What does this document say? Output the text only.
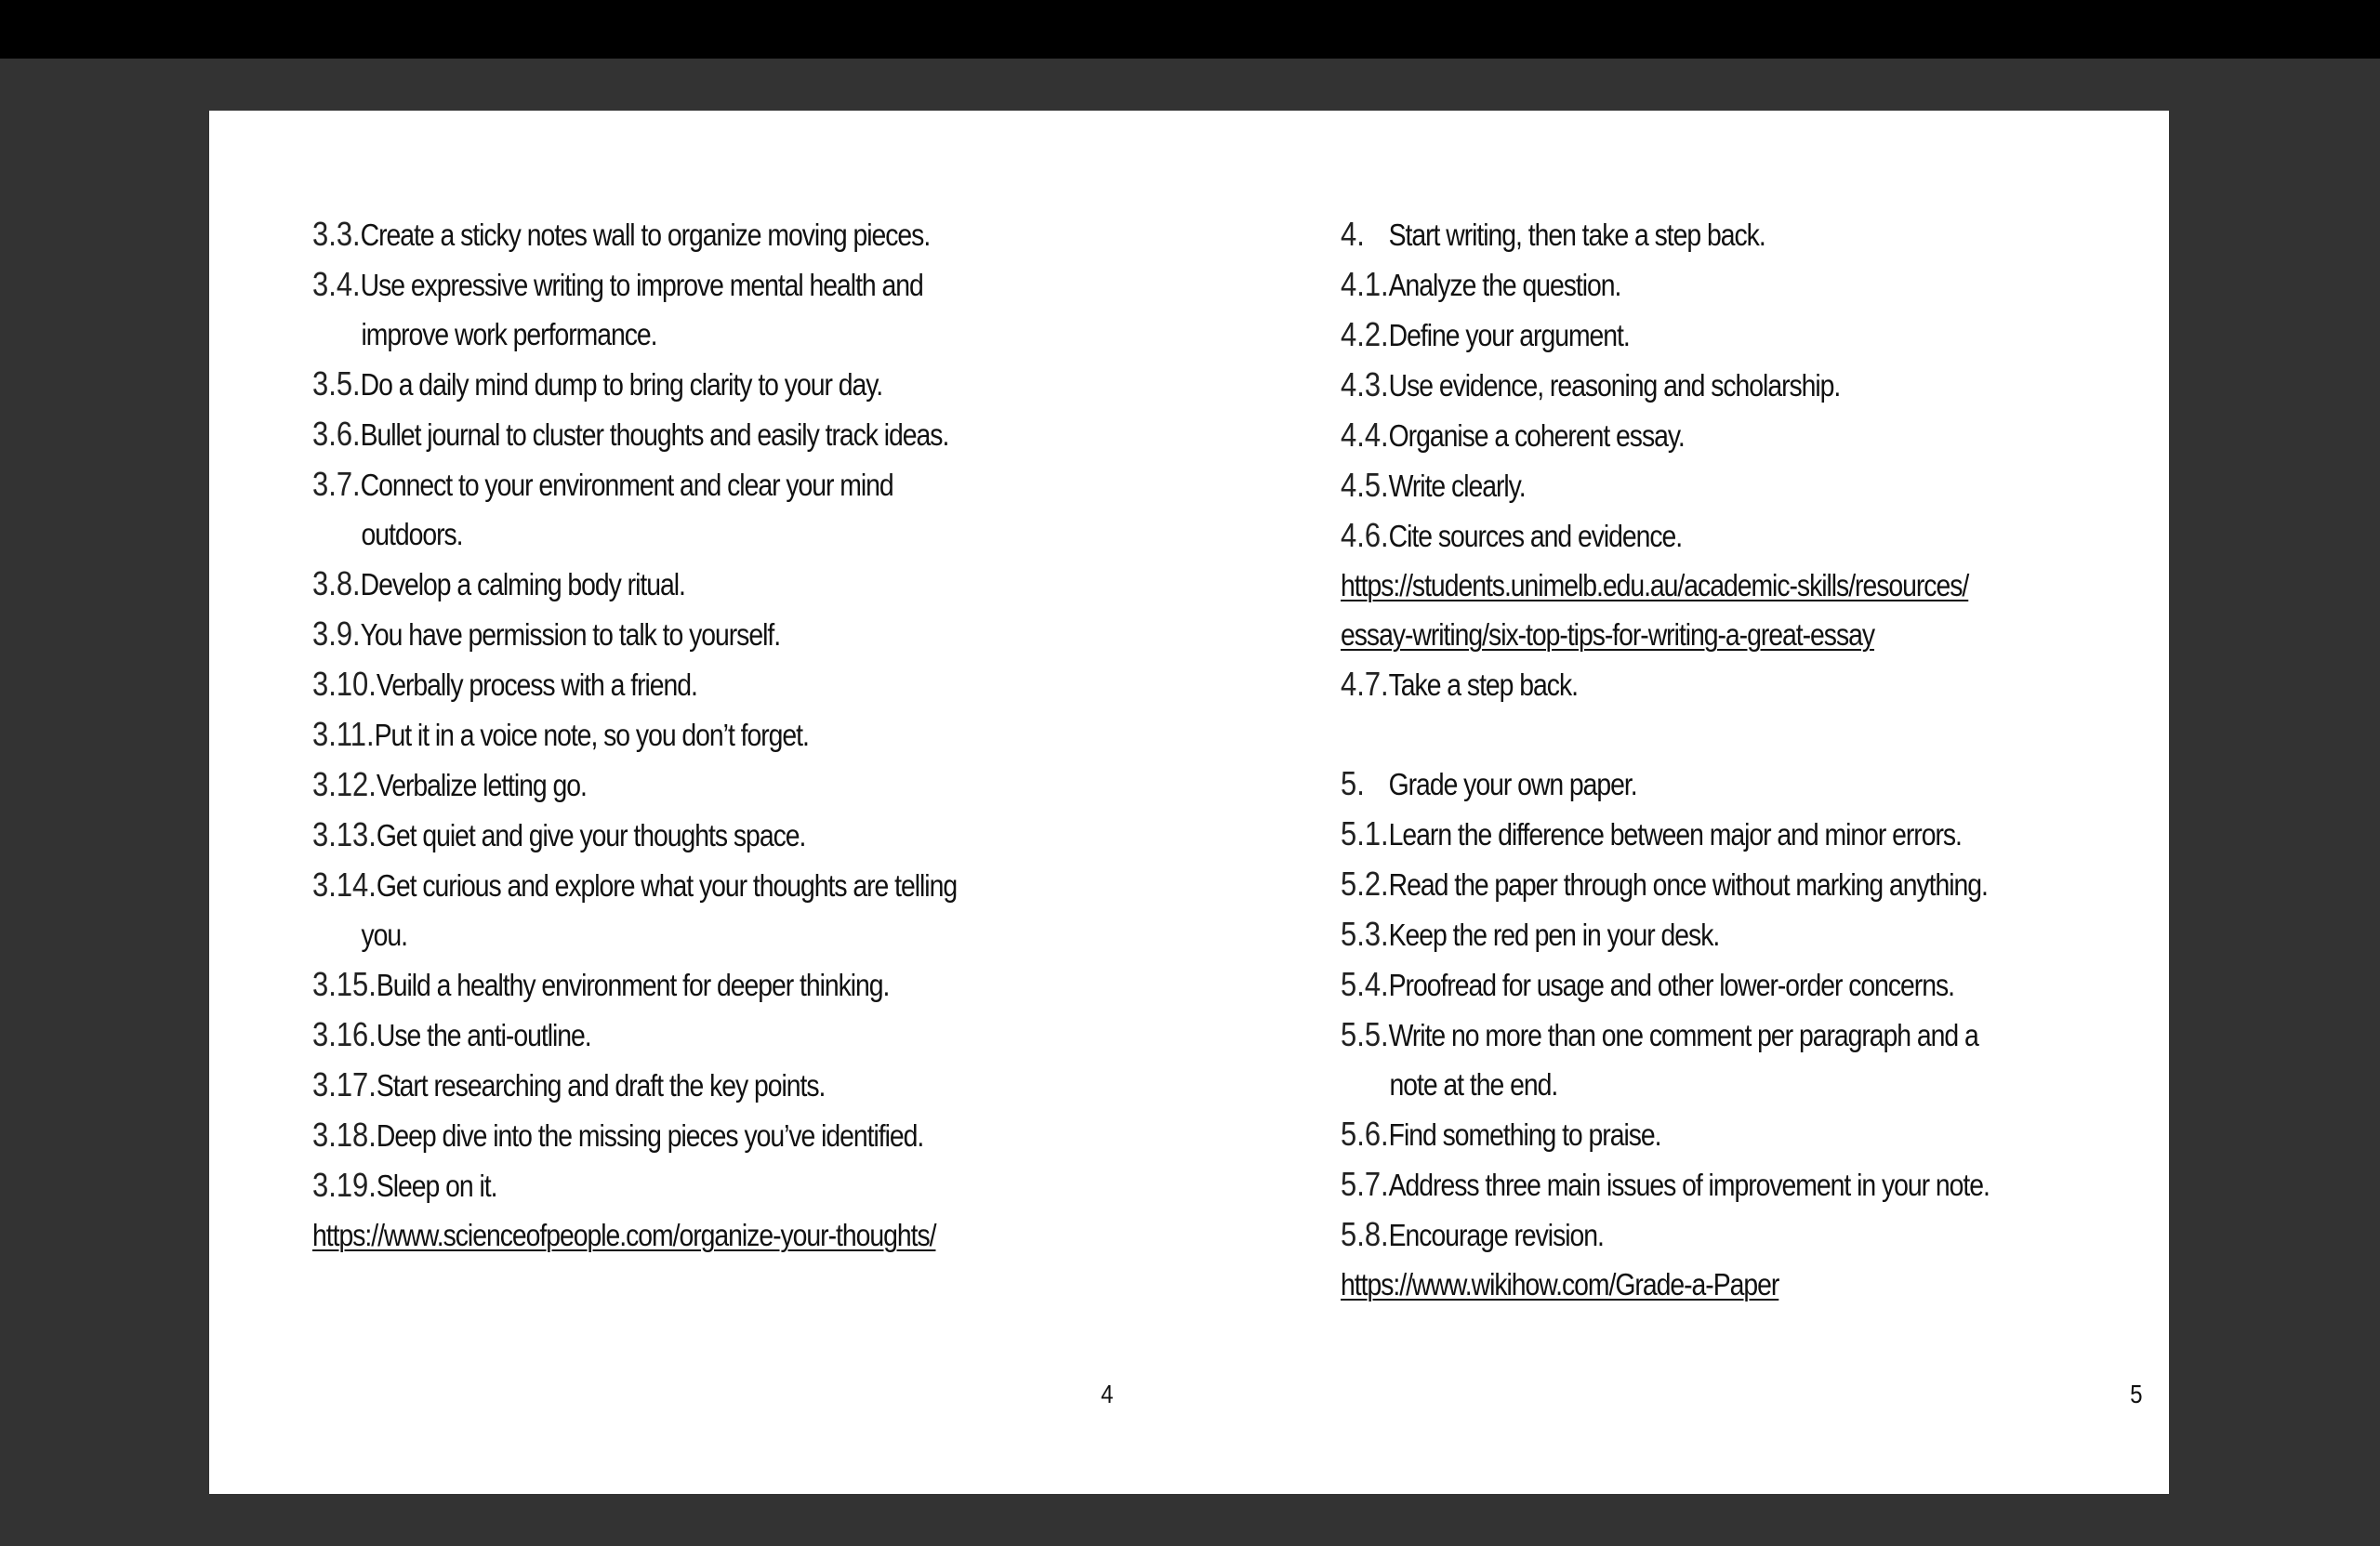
3.3.Create a sticky notes wall to organize moving pieces.
3.4.Use expressive writing to improve mental health and
improve work performance.
3.5.Do a daily mind dump to bring clarity to your day.
3.6.Bullet journal to cluster thoughts and easily track ideas.
3.7.Connect to your environment and clear your mind
outdoors.
3.8.Develop a calming body ritual.
3.9.You have permission to talk to yourself.
3.10.Verbally process with a friend.
3.11.Put it in a voice note, so you don’t forget.
3.12.Verbalize letting go.
3.13.Get quiet and give your thoughts space.
3.14.Get curious and explore what your thoughts are telling
you.
3.15.Build a healthy environment for deeper thinking.
3.16.Use the anti-outline.
3.17.Start researching and draft the key points.
3.18.Deep dive into the missing pieces you’ve identified.
3.19.Sleep on it.
https://www.scienceofpeople.com/organize-your-thoughts/
4
4. Start writing, then take a step back.
4.1.Analyze the question.
4.2.Define your argument.
4.3.Use evidence, reasoning and scholarship.
4.4.Organise a coherent essay.
4.5.Write clearly.
4.6.Cite sources and evidence.
https://students.unimelb.edu.au/academic-skills/resources/
essay-writing/six-top-tips-for-writing-a-great-essay
4.7.Take a step back.
5. Grade your own paper.
5.1.Learn the difference between major and minor errors.
5.2.Read the paper through once without marking anything.
5.3.Keep the red pen in your desk.
5.4.Proofread for usage and other lower-order concerns.
5.5.Write no more than one comment per paragraph and a
note at the end.
5.6.Find something to praise.
5.7.Address three main issues of improvement in your note.
5.8.Encourage revision.
https://www.wikihow.com/Grade-a-Paper
5
